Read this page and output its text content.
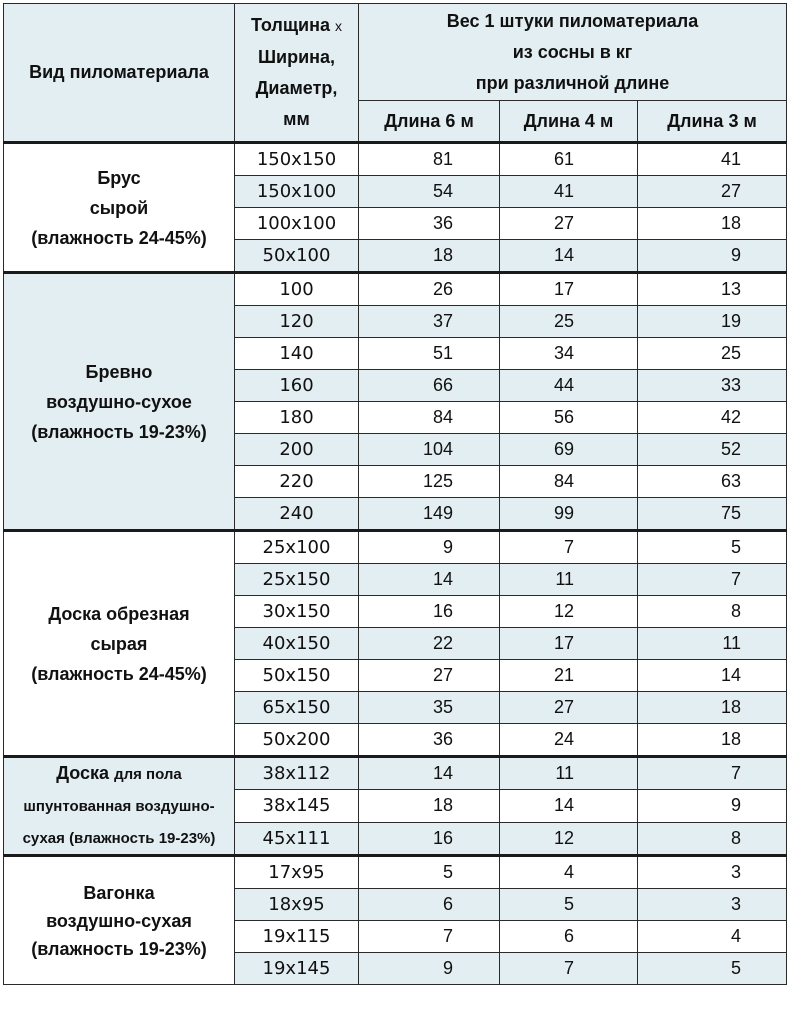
Вид пиломатериала	Толщина х
Ширина,
Диаметр,
мм	Вес 1 штуки пиломатериала
из сосны в кг
при различной длине		
		Длина 6 м	Длина 4 м	Длина 3 м
Брус
сырой
(влажность 24-45%)	150х150	81	61	41
	150х100	54	41	27
	100х100	36	27	18
	50х100	18	14	9
Бревно
воздушно-сухое
(влажность 19-23%)	100	26	17	13
	120	37	25	19
	140	51	34	25
	160	66	44	33
	180	84	56	42
	200	104	69	52
	220	125	84	63
	240	149	99	75
Доска обрезная
сырая
(влажность 24-45%)	25х100	9	7	5
	25х150	14	11	7
	30х150	16	12	8
	40х150	22	17	11
	50х150	27	21	14
	65х150	35	27	18
	50х200	36	24	18
Доска для пола
шпунтованная воздушно-
сухая (влажность 19-23%)	38х112	14	11	7
	38х145	18	14	9
	45х111	16	12	8
Вагонка
воздушно-сухая
(влажность 19-23%)	17х95	5	4	3
	18х95	6	5	3
	19х115	7	6	4
	19х145	9	7	5
